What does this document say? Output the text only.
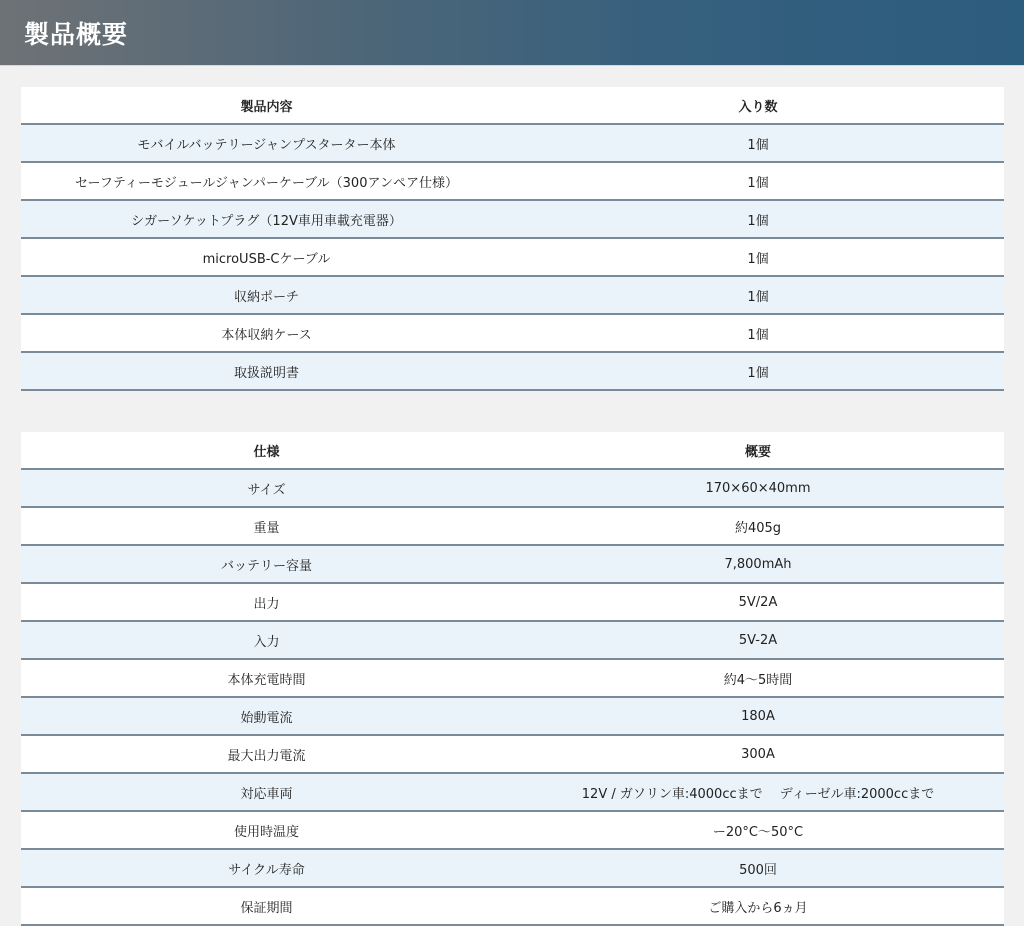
製品概要
製品内容	入り数
モバイルバッテリージャンプスターター本体	1個
セーフティーモジュールジャンパーケーブル（300アンペア仕様）	1個
シガーソケットプラグ（12V車用車載充電器）	1個
microUSB-Cケーブル	1個
収納ポーチ	1個
本体収納ケース	1個
取扱説明書	1個
仕様	概要
サイズ	170×60×40mm
重量	約405g
バッテリー容量	7,800mAh
出力	5V/2A
入力	5V-2A
本体充電時間	約4〜5時間
始動電流	180A
最大出力電流	300A
対応車両	12V / ガソリン車:4000ccまで　 ディーゼル車:2000ccまで
使用時温度	ー20°C〜50°C
サイクル寿命	500回
保証期間	ご購入から6ヵ月
